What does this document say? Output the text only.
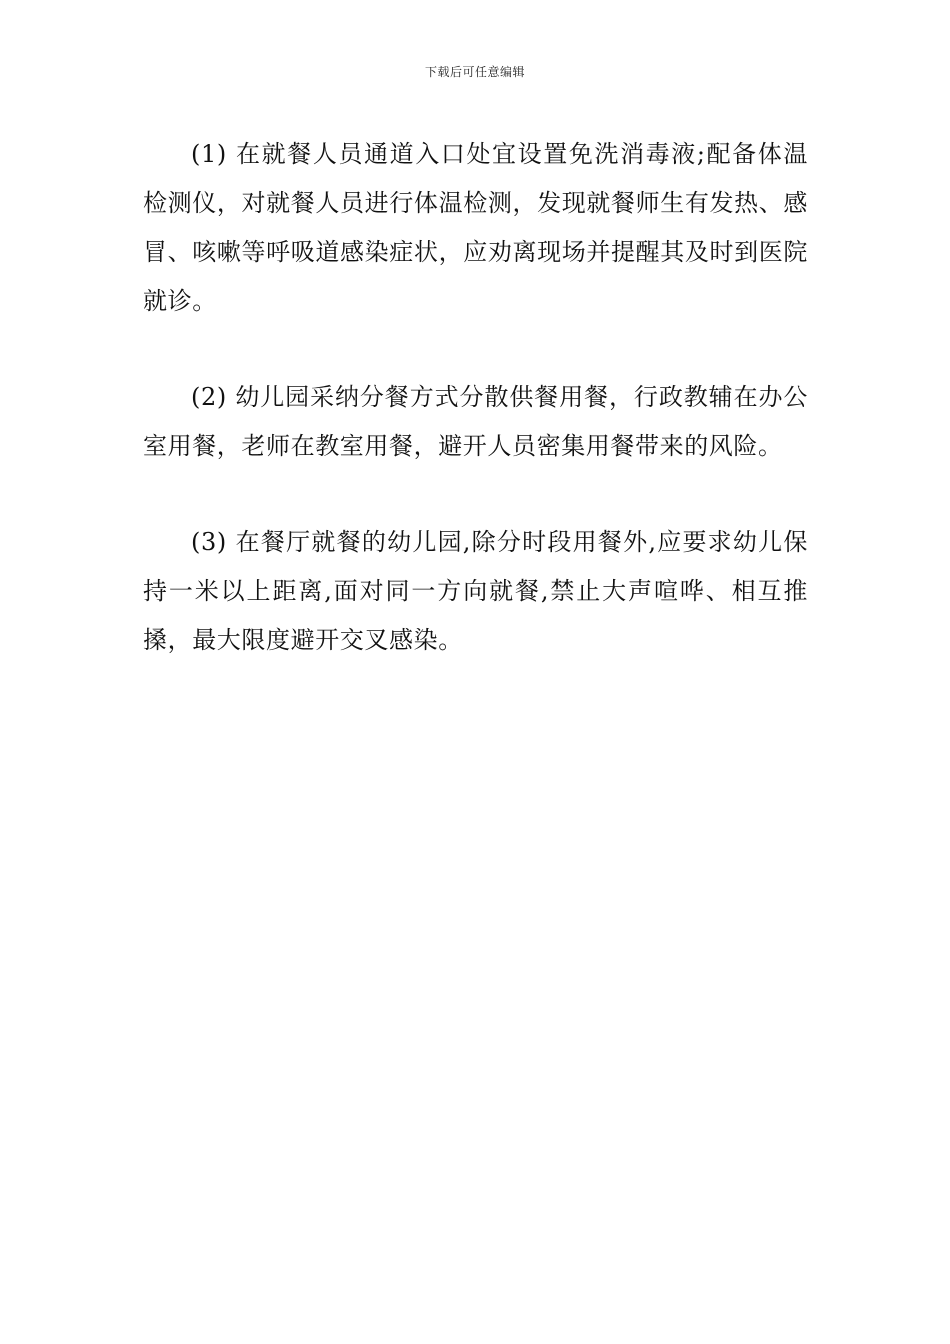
下载后可任意编辑

(1) 在就餐人员通道入口处宜设置免洗消毒液;配备体温检测仪，对就餐人员进行体温检测，发现就餐师生有发热、感冒、咳嗽等呼吸道感染症状，应劝离现场并提醒其及时到医院就诊。

(2) 幼儿园采纳分餐方式分散供餐用餐，行政教辅在办公室用餐，老师在教室用餐，避开人员密集用餐带来的风险。

(3) 在餐厅就餐的幼儿园,除分时段用餐外,应要求幼儿保持一米以上距离,面对同一方向就餐,禁止大声喧哗、相互推搡，最大限度避开交叉感染。
